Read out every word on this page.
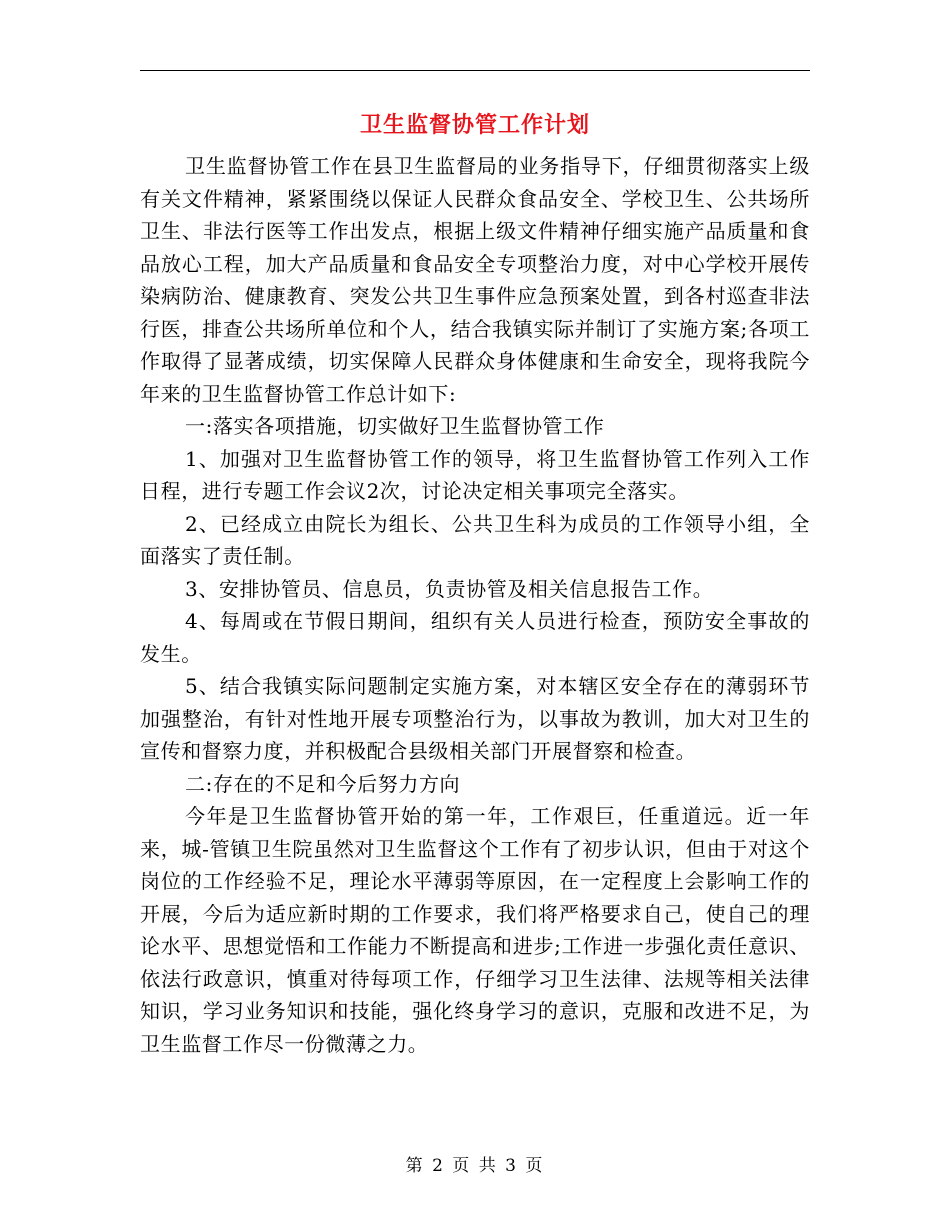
卫生监督协管工作计划

卫生监督协管工作在县卫生监督局的业务指导下，仔细贯彻落实上级有关文件精神，紧紧围绕以保证人民群众食品安全、学校卫生、公共场所卫生、非法行医等工作出发点，根据上级文件精神仔细实施产品质量和食品放心工程，加大产品质量和食品安全专项整治力度，对中心学校开展传染病防治、健康教育、突发公共卫生事件应急预案处置，到各村巡查非法行医，排查公共场所单位和个人，结合我镇实际并制订了实施方案;各项工作取得了显著成绩，切实保障人民群众身体健康和生命安全，现将我院今年来的卫生监督协管工作总计如下:

一:落实各项措施，切实做好卫生监督协管工作

1、加强对卫生监督协管工作的领导，将卫生监督协管工作列入工作日程，进行专题工作会议2次，讨论决定相关事项完全落实。

2、已经成立由院长为组长、公共卫生科为成员的工作领导小组，全面落实了责任制。

3、安排协管员、信息员，负责协管及相关信息报告工作。

4、每周或在节假日期间，组织有关人员进行检查，预防安全事故的发生。

5、结合我镇实际问题制定实施方案，对本辖区安全存在的薄弱环节加强整治，有针对性地开展专项整治行为，以事故为教训，加大对卫生的宣传和督察力度，并积极配合县级相关部门开展督察和检查。

二:存在的不足和今后努力方向

今年是卫生监督协管开始的第一年，工作艰巨，任重道远。近一年来，城-管镇卫生院虽然对卫生监督这个工作有了初步认识，但由于对这个岗位的工作经验不足，理论水平薄弱等原因，在一定程度上会影响工作的开展，今后为适应新时期的工作要求，我们将严格要求自己，使自己的理论水平、思想觉悟和工作能力不断提高和进步;工作进一步强化责任意识、依法行政意识，慎重对待每项工作，仔细学习卫生法律、法规等相关法律知识，学习业务知识和技能，强化终身学习的意识，克服和改进不足，为卫生监督工作尽一份微薄之力。

第 2 页 共 3 页
